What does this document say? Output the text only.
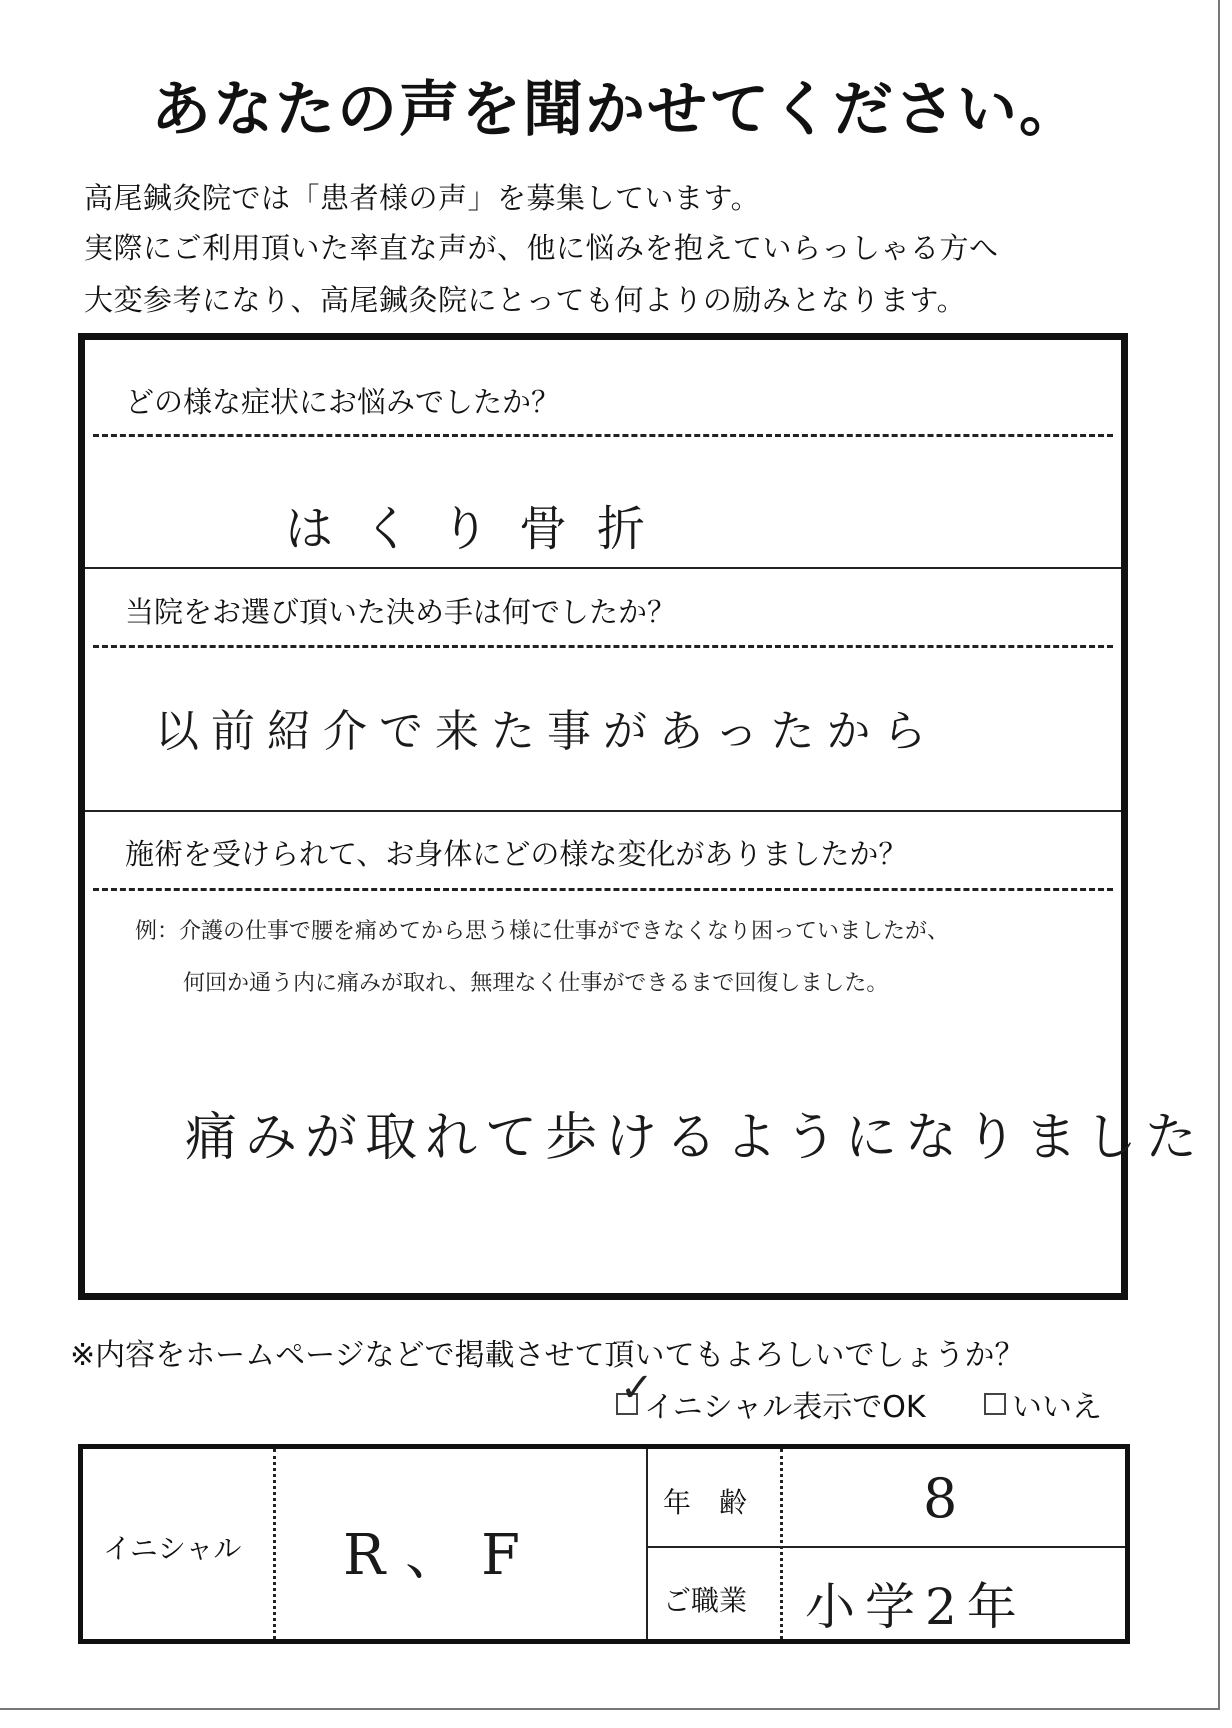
あなたの声を聞かせてください。
高尾鍼灸院では「患者様の声」を募集しています。
実際にご利用頂いた率直な声が、他に悩みを抱えていらっしゃる方へ
大変参考になり、高尾鍼灸院にとっても何よりの励みとなります。
どの様な症状にお悩みでしたか？
はくり骨折
当院をお選び頂いた決め手は何でしたか？
以前紹介で来た事があったから
施術を受けられて、お身体にどの様な変化がありましたか？
例：介護の仕事で腰を痛めてから思う様に仕事ができなくなり困っていましたが、
何回か通う内に痛みが取れ、無理なく仕事ができるまで回復しました。
痛みが取れて歩けるようになりました
※内容をホームページなどで掲載させて頂いてもよろしいでしょうか？
✓
イニシャル表示でOK	いいえ
イニシャル R、F
年　齢	8
ご職業 小学2年
